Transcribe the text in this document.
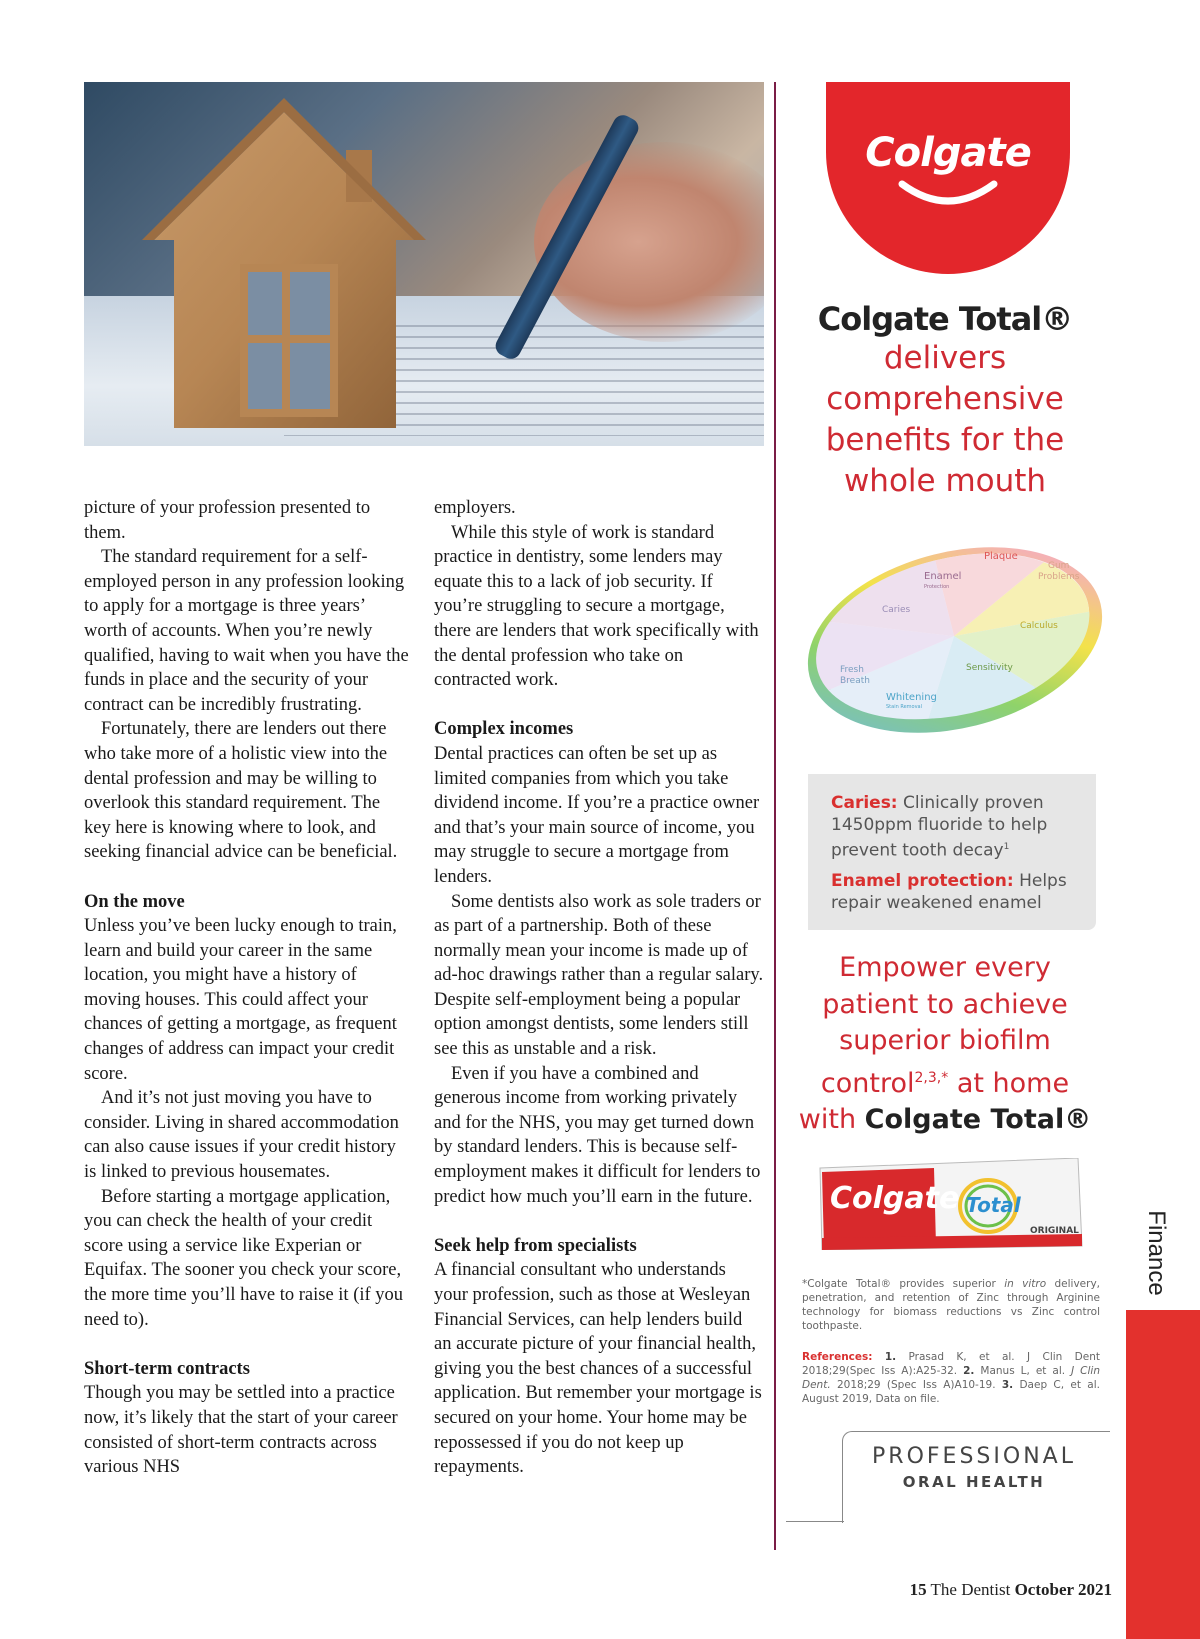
picture of your profession presented to them.

The standard requirement for a self-employed person in any profession looking to apply for a mortgage is three years’ worth of accounts. When you’re newly qualified, having to wait when you have the funds in place and the security of your contract can be incredibly frustrating.

Fortunately, there are lenders out there who take more of a holistic view into the dental profession and may be willing to overlook this standard requirement. The key here is knowing where to look, and seeking financial advice can be beneficial.

On the move

Unless you’ve been lucky enough to train, learn and build your career in the same location, you might have a history of moving houses. This could affect your chances of getting a mortgage, as frequent changes of address can impact your credit score.

And it’s not just moving you have to consider. Living in shared accommodation can also cause issues if your credit history is linked to previous housemates.

Before starting a mortgage application, you can check the health of your credit score using a service like Experian or Equifax. The sooner you check your score, the more time you’ll have to raise it (if you need to).

Short-term contracts

Though you may be settled into a practice now, it’s likely that the start of your career consisted of short-term contracts across various NHS

employers.

While this style of work is standard practice in dentistry, some lenders may equate this to a lack of job security. If you’re struggling to secure a mortgage, there are lenders that work specifically with the dental profession who take on contracted work.

Complex incomes

Dental practices can often be set up as limited companies from which you take dividend income. If you’re a practice owner and that’s your main source of income, you may struggle to secure a mortgage from lenders.

Some dentists also work as sole traders or as part of a partnership. Both of these normally mean your income is made up of ad-hoc drawings rather than a regular salary. Despite self-employment being a popular option amongst dentists, some lenders still see this as unstable and a risk.

Even if you have a combined and generous income from working privately and for the NHS, you may get turned down by standard lenders. This is because self-employment makes it difficult for lenders to predict how much you’ll earn in the future.

Seek help from specialists

A financial consultant who understands your profession, such as those at Wesleyan Financial Services, can help lenders build an accurate picture of your financial health, giving you the best chances of a successful application. But remember your mortgage is secured on your home. Your home may be repossessed if you do not keep up repayments.

Colgate
Colgate Total®
delivers
comprehensive
benefits for the
whole mouth
Plaque
Gum
Problems
Enamel
Protection
Caries
Calculus
Sensitivity
Fresh
Breath
Whitening
Stain Removal
Caries: Clinically proven 1450ppm fluoride to help prevent tooth decay$^1$
Enamel protection: Helps repair weakened enamel
Empower every
patient to achieve
superior biofilm
control$^{2,3,*}$ at home
with Colgate Total®
Colgate Total
ORIGINAL
*Colgate Total® provides superior in vitro delivery, penetration, and retention of Zinc through Arginine technology for biomass reductions vs Zinc control toothpaste.
References: 1. Prasad K, et al. J Clin Dent 2018;29(Spec Iss A):A25-32. 2. Manus L, et al. J Clin Dent. 2018;29 (Spec Iss A)A10-19. 3. Daep C, et al. August 2019, Data on file.
PROFESSIONAL
ORAL HEALTH
Finance
15 The Dentist October 2021
